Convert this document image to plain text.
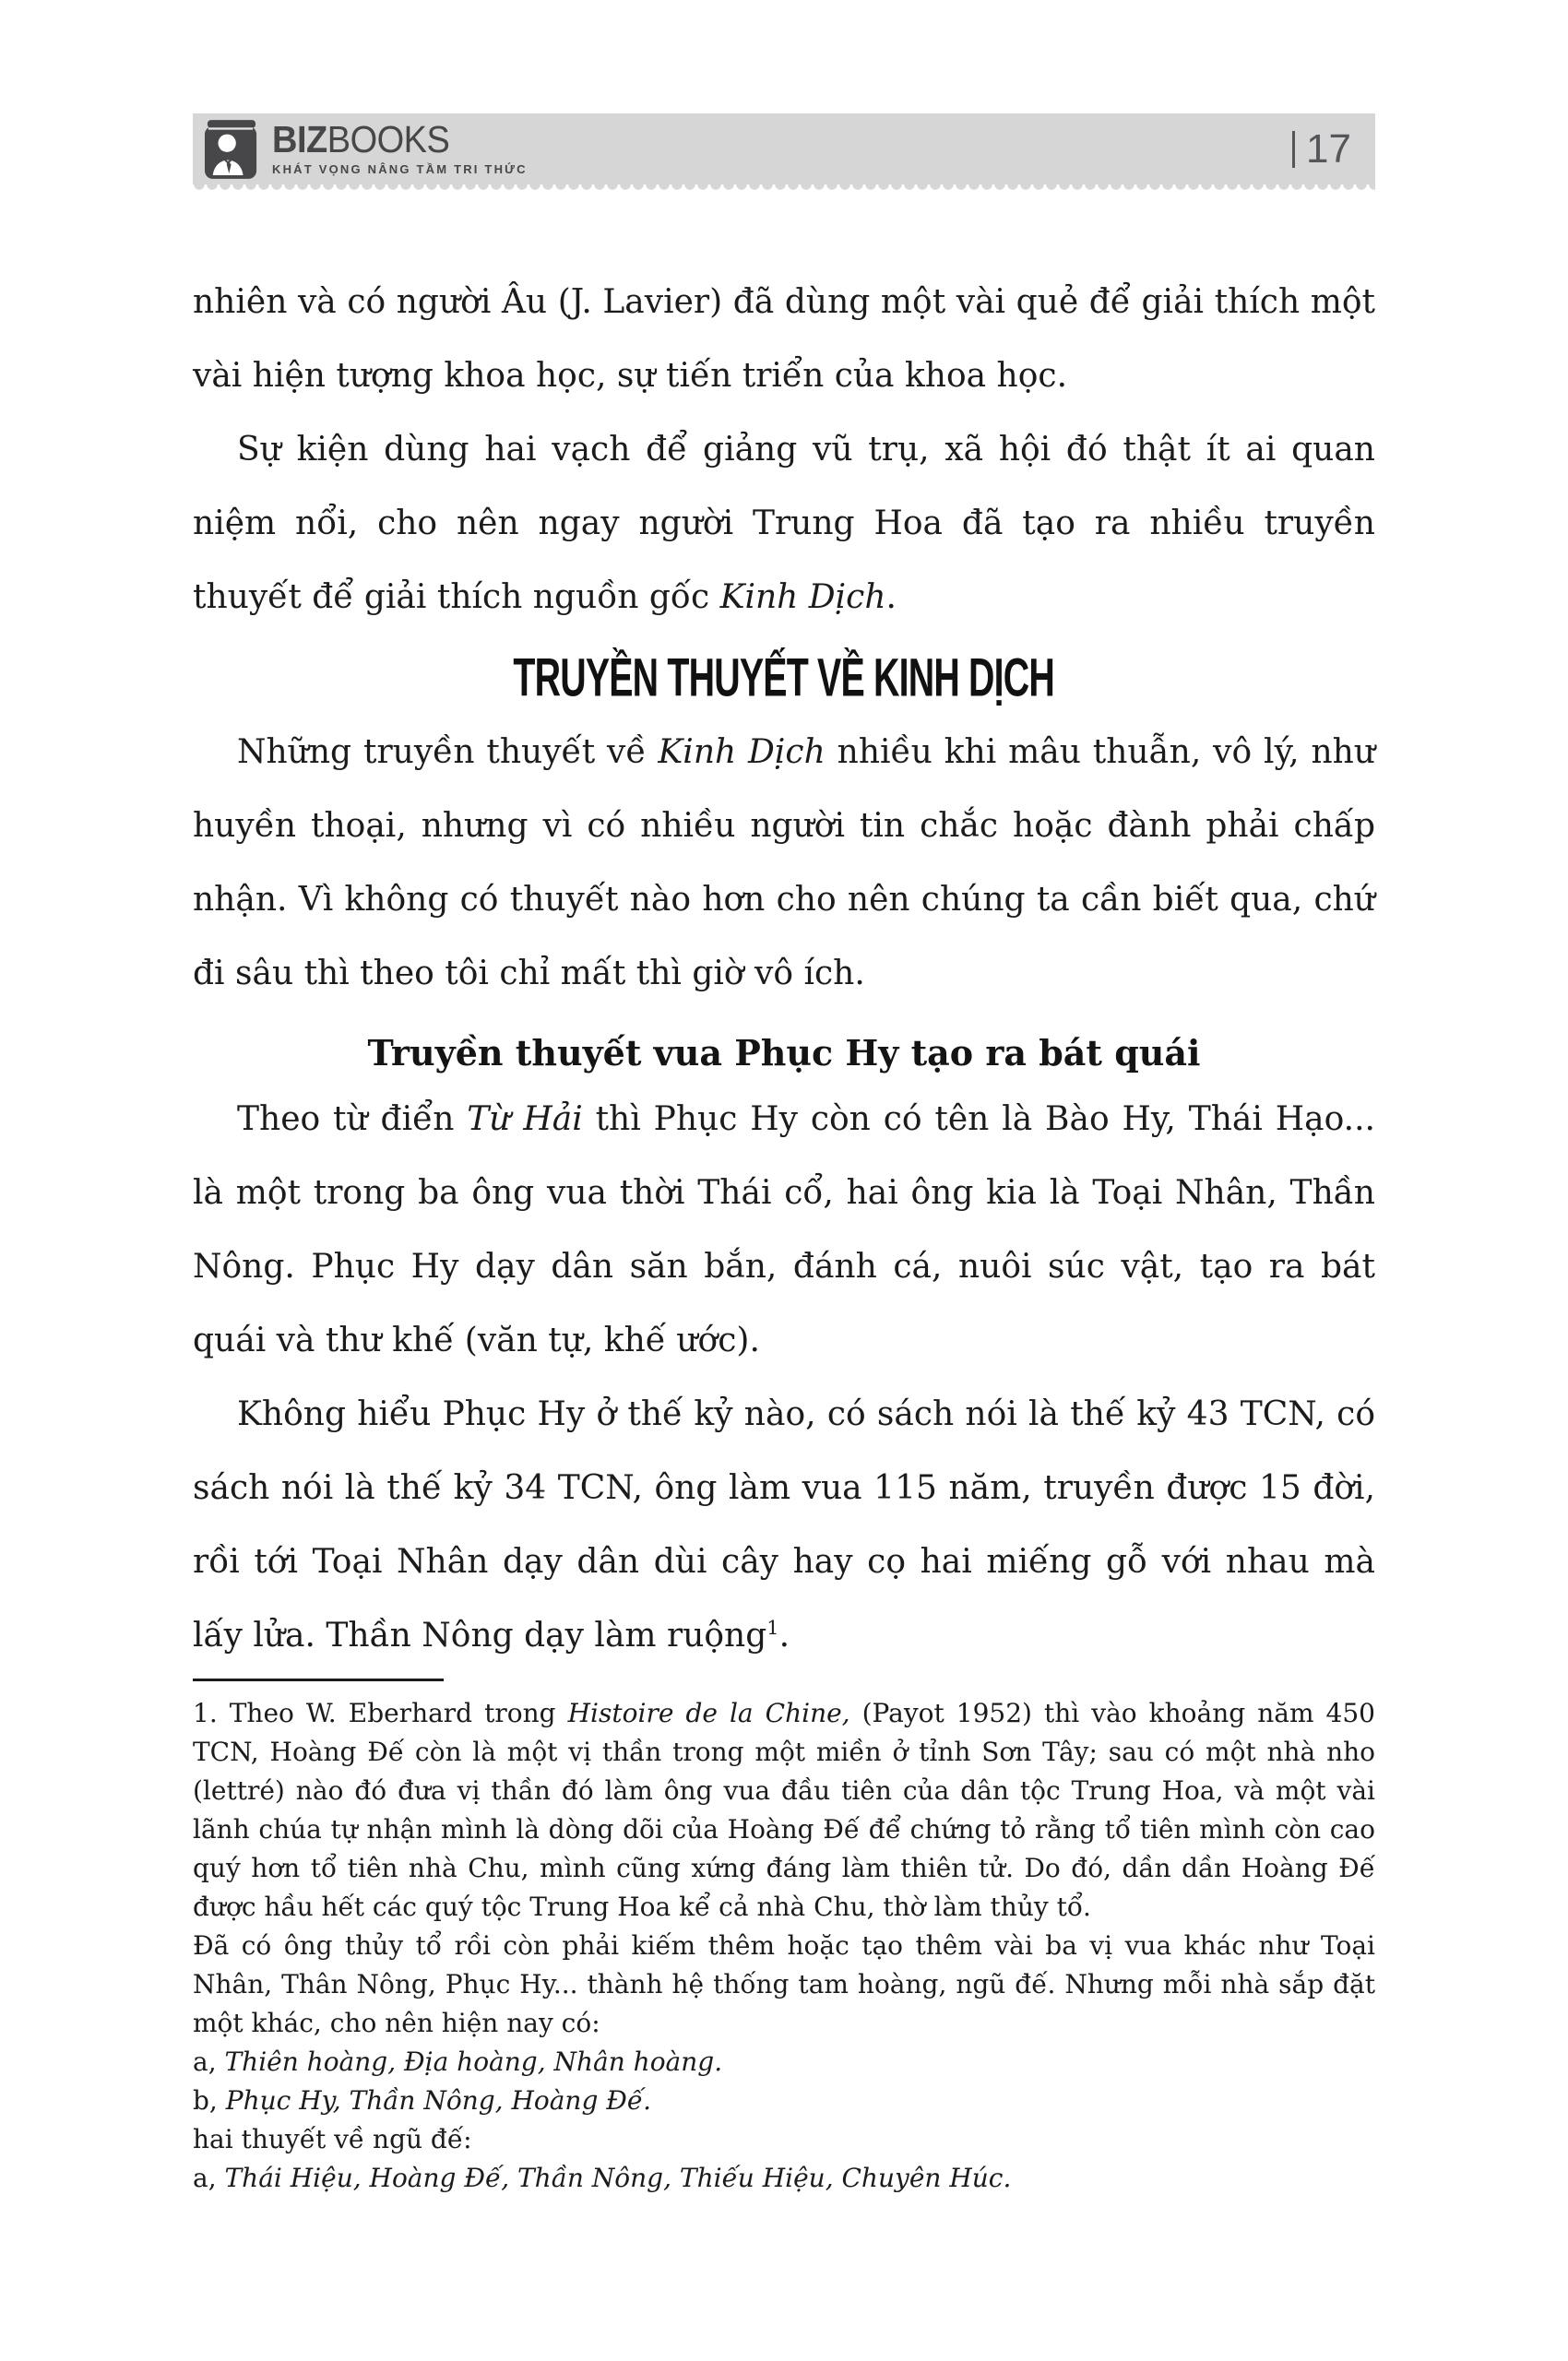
BIZBOOKS
KHÁT VỌNG NÂNG TẦM TRI THỨC	17

nhiên và có người Âu (J. Lavier) đã dùng một vài quẻ để giải thích một vài hiện tượng khoa học, sự tiến triển của khoa học.

Sự kiện dùng hai vạch để giảng vũ trụ, xã hội đó thật ít ai quan niệm nổi, cho nên ngay người Trung Hoa đã tạo ra nhiều truyền thuyết để giải thích nguồn gốc Kinh Dịch.

TRUYỀN THUYẾT VỀ KINH DỊCH

Những truyền thuyết về Kinh Dịch nhiều khi mâu thuẫn, vô lý, như huyền thoại, nhưng vì có nhiều người tin chắc hoặc đành phải chấp nhận. Vì không có thuyết nào hơn cho nên chúng ta cần biết qua, chứ đi sâu thì theo tôi chỉ mất thì giờ vô ích.

Truyền thuyết vua Phục Hy tạo ra bát quái

Theo từ điển Từ Hải thì Phục Hy còn có tên là Bào Hy, Thái Hạo... là một trong ba ông vua thời Thái cổ, hai ông kia là Toại Nhân, Thần Nông. Phục Hy dạy dân săn bắn, đánh cá, nuôi súc vật, tạo ra bát quái và thư khế (văn tự, khế ước).

Không hiểu Phục Hy ở thế kỷ nào, có sách nói là thế kỷ 43 TCN, có sách nói là thế kỷ 34 TCN, ông làm vua 115 năm, truyền được 15 đời, rồi tới Toại Nhân dạy dân dùi cây hay cọ hai miếng gỗ với nhau mà lấy lửa. Thần Nông dạy làm ruộng$^1$.

1. Theo W. Eberhard trong Histoire de la Chine, (Payot 1952) thì vào khoảng năm 450 TCN, Hoàng Đế còn là một vị thần trong một miền ở tỉnh Sơn Tây; sau có một nhà nho (lettré) nào đó đưa vị thần đó làm ông vua đầu tiên của dân tộc Trung Hoa, và một vài lãnh chúa tự nhận mình là dòng dõi của Hoàng Đế để chứng tỏ rằng tổ tiên mình còn cao quý hơn tổ tiên nhà Chu, mình cũng xứng đáng làm thiên tử. Do đó, dần dần Hoàng Đế được hầu hết các quý tộc Trung Hoa kể cả nhà Chu, thờ làm thủy tổ.

Đã có ông thủy tổ rồi còn phải kiếm thêm hoặc tạo thêm vài ba vị vua khác như Toại Nhân, Thân Nông, Phục Hy... thành hệ thống tam hoàng, ngũ đế. Nhưng mỗi nhà sắp đặt một khác, cho nên hiện nay có:

a, Thiên hoàng, Địa hoàng, Nhân hoàng.

b, Phục Hy, Thần Nông, Hoàng Đế.

hai thuyết về ngũ đế:

a, Thái Hiệu, Hoàng Đế, Thần Nông, Thiếu Hiệu, Chuyên Húc.
